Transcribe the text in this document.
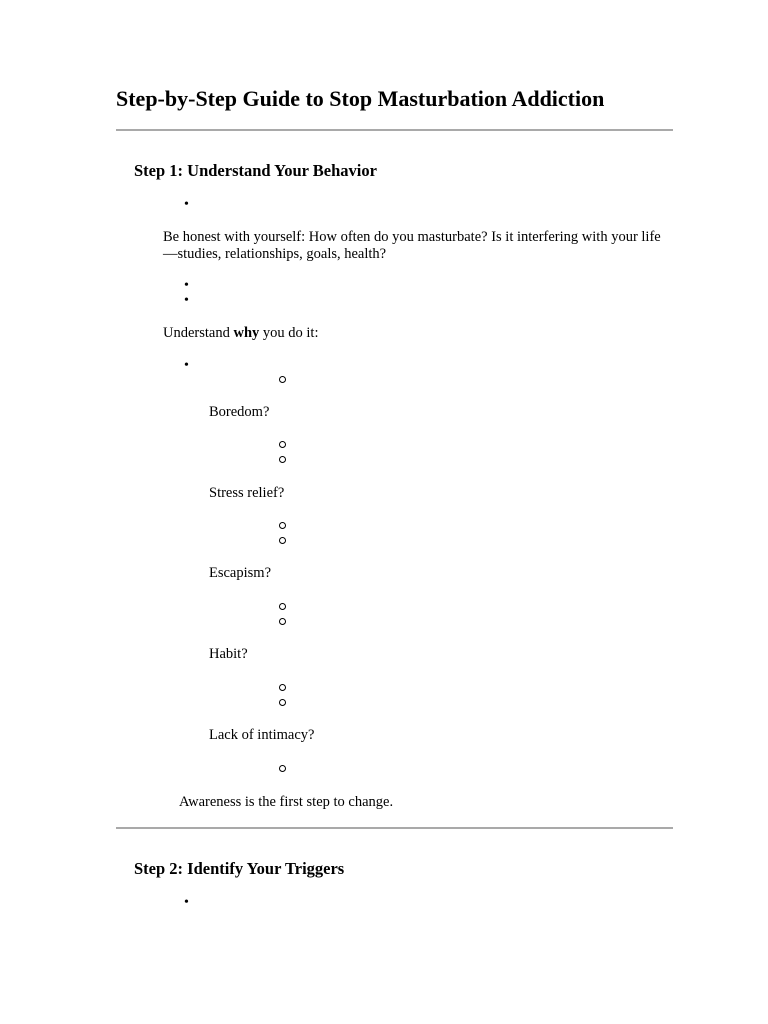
Step-by-Step Guide to Stop Masturbation Addiction
Step 1: Understand Your Behavior
•
Be honest with yourself: How often do you masturbate? Is it interfering with your life—studies, relationships, goals, health?
•
•
Understand why you do it:
•
Boredom?
Stress relief?
Escapism?
Habit?
Lack of intimacy?
Awareness is the first step to change.
Step 2: Identify Your Triggers
•
